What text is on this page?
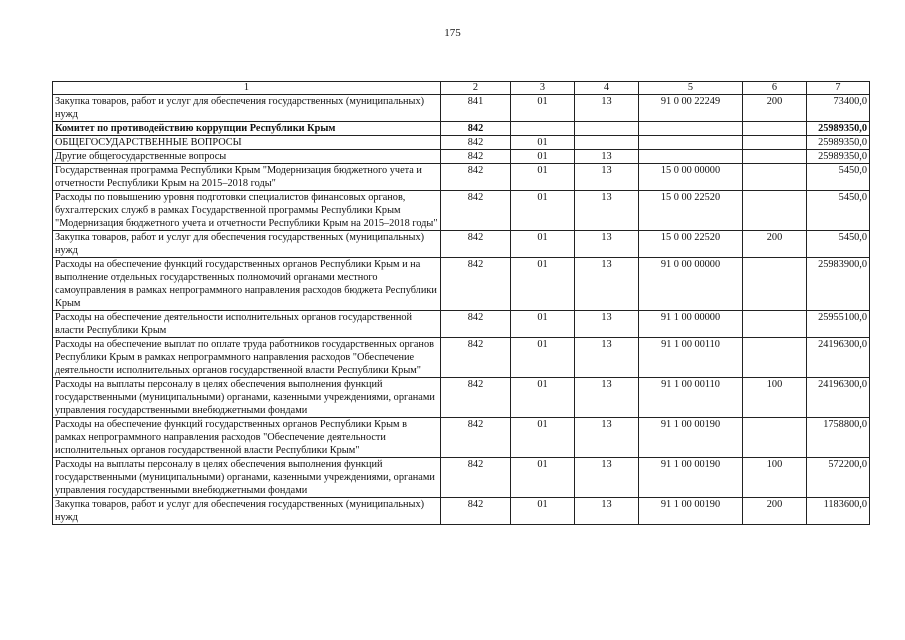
175
1	2	3	4	5	6	7
Закупка товаров, работ и услуг для обеспечения государственных (муниципальных) нужд	841	01	13	91 0 00 22249	200	73400,0
Комитет по противодействию коррупции Республики Крым	842					25989350,0
ОБЩЕГОСУДАРСТВЕННЫЕ ВОПРОСЫ	842	01				25989350,0
Другие общегосударственные вопросы	842	01	13			25989350,0
Государственная программа Республики Крым "Модернизация бюджетного учета и отчетности Республики Крым на 2015–2018 годы"	842	01	13	15 0 00 00000		5450,0
Расходы по повышению уровня подготовки специалистов финансовых органов, бухгалтерских служб в рамках Государственной программы Республики Крым "Модернизация бюджетного учета и отчетности Республики Крым на 2015–2018 годы"	842	01	13	15 0 00 22520		5450,0
Закупка товаров, работ и услуг для обеспечения государственных (муниципальных) нужд	842	01	13	15 0 00 22520	200	5450,0
Расходы на обеспечение функций государственных органов Республики Крым и на выполнение отдельных государственных полномочий органами местного самоуправления в рамках непрограммного направления расходов бюджета Республики Крым	842	01	13	91 0 00 00000		25983900,0
Расходы на обеспечение деятельности исполнительных органов государственной власти Республики Крым	842	01	13	91 1 00 00000		25955100,0
Расходы на обеспечение выплат по оплате труда работников государственных органов Республики Крым в рамках непрограммного направления расходов "Обеспечение деятельности исполнительных органов государственной власти Республики Крым"	842	01	13	91 1 00 00110		24196300,0
Расходы на выплаты персоналу в целях обеспечения выполнения функций государственными (муниципальными) органами, казенными учреждениями, органами управления государственными внебюджетными фондами	842	01	13	91 1 00 00110	100	24196300,0
Расходы на обеспечение функций государственных органов Республики Крым в рамках непрограммного направления расходов "Обеспечение деятельности исполнительных органов государственной власти Республики Крым"	842	01	13	91 1 00 00190		1758800,0
Расходы на выплаты персоналу в целях обеспечения выполнения функций государственными (муниципальными) органами, казенными учреждениями, органами управления государственными внебюджетными фондами	842	01	13	91 1 00 00190	100	572200,0
Закупка товаров, работ и услуг для обеспечения государственных (муниципальных) нужд	842	01	13	91 1 00 00190	200	1183600,0
